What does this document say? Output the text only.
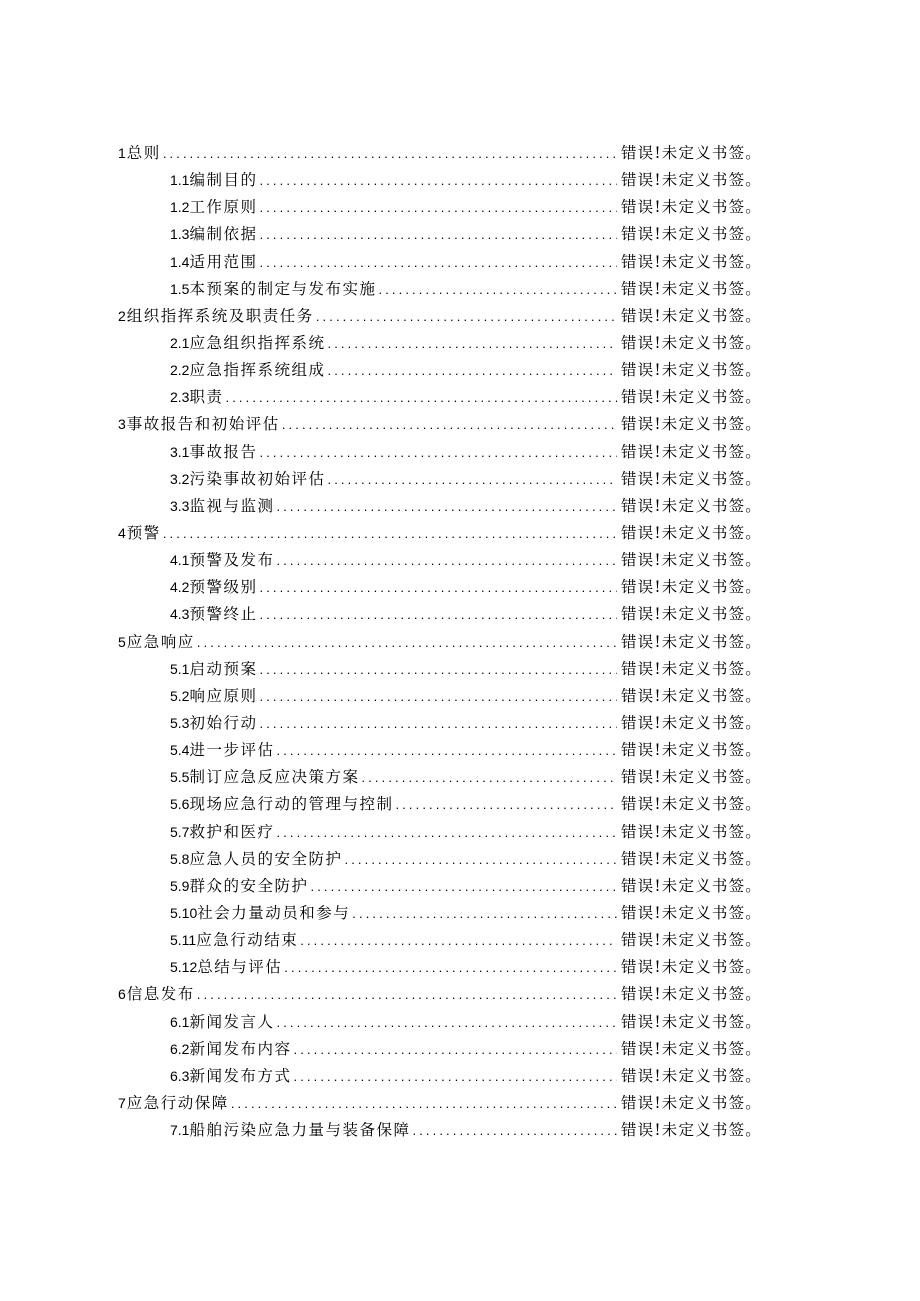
1 总则 .....	错误!未定义书签。
1.1 编制目的 .....	错误!未定义书签。
1.2 工作原则 .....	错误!未定义书签。
1.3 编制依据 .....	错误!未定义书签。
1.4 适用范围 .....	错误!未定义书签。
1.5 本预案的制定与发布实施 .....	错误!未定义书签。
2 组织指挥系统及职责任务 .....	错误!未定义书签。
2.1 应急组织指挥系统 .....	错误!未定义书签。
2.2 应急指挥系统组成 .....	错误!未定义书签。
2.3 职责 .....	错误!未定义书签。
3 事故报告和初始评估 .....	错误!未定义书签。
3.1 事故报告 .....	错误!未定义书签。
3.2 污染事故初始评估 .....	错误!未定义书签。
3.3 监视与监测 .....	错误!未定义书签。
4 预警 .....	错误!未定义书签。
4.1 预警及发布 .....	错误!未定义书签。
4.2 预警级别 .....	错误!未定义书签。
4.3 预警终止 .....	错误!未定义书签。
5 应急响应 .....	错误!未定义书签。
5.1 启动预案 .....	错误!未定义书签。
5.2 响应原则 .....	错误!未定义书签。
5.3 初始行动 .....	错误!未定义书签。
5.4 进一步评估 .....	错误!未定义书签。
5.5 制订应急反应决策方案 .....	错误!未定义书签。
5.6 现场应急行动的管理与控制 .....	错误!未定义书签。
5.7 救护和医疗 .....	错误!未定义书签。
5.8 应急人员的安全防护 .....	错误!未定义书签。
5.9 群众的安全防护 .....	错误!未定义书签。
5.10 社会力量动员和参与 .....	错误!未定义书签。
5.11 应急行动结束 .....	错误!未定义书签。
5.12 总结与评估 .....	错误!未定义书签。
6 信息发布 .....	错误!未定义书签。
6.1 新闻发言人 .....	错误!未定义书签。
6.2 新闻发布内容 .....	错误!未定义书签。
6.3 新闻发布方式 .....	错误!未定义书签。
7 应急行动保障 .....	错误!未定义书签。
7.1 船舶污染应急力量与装备保障 .....	错误!未定义书签。
